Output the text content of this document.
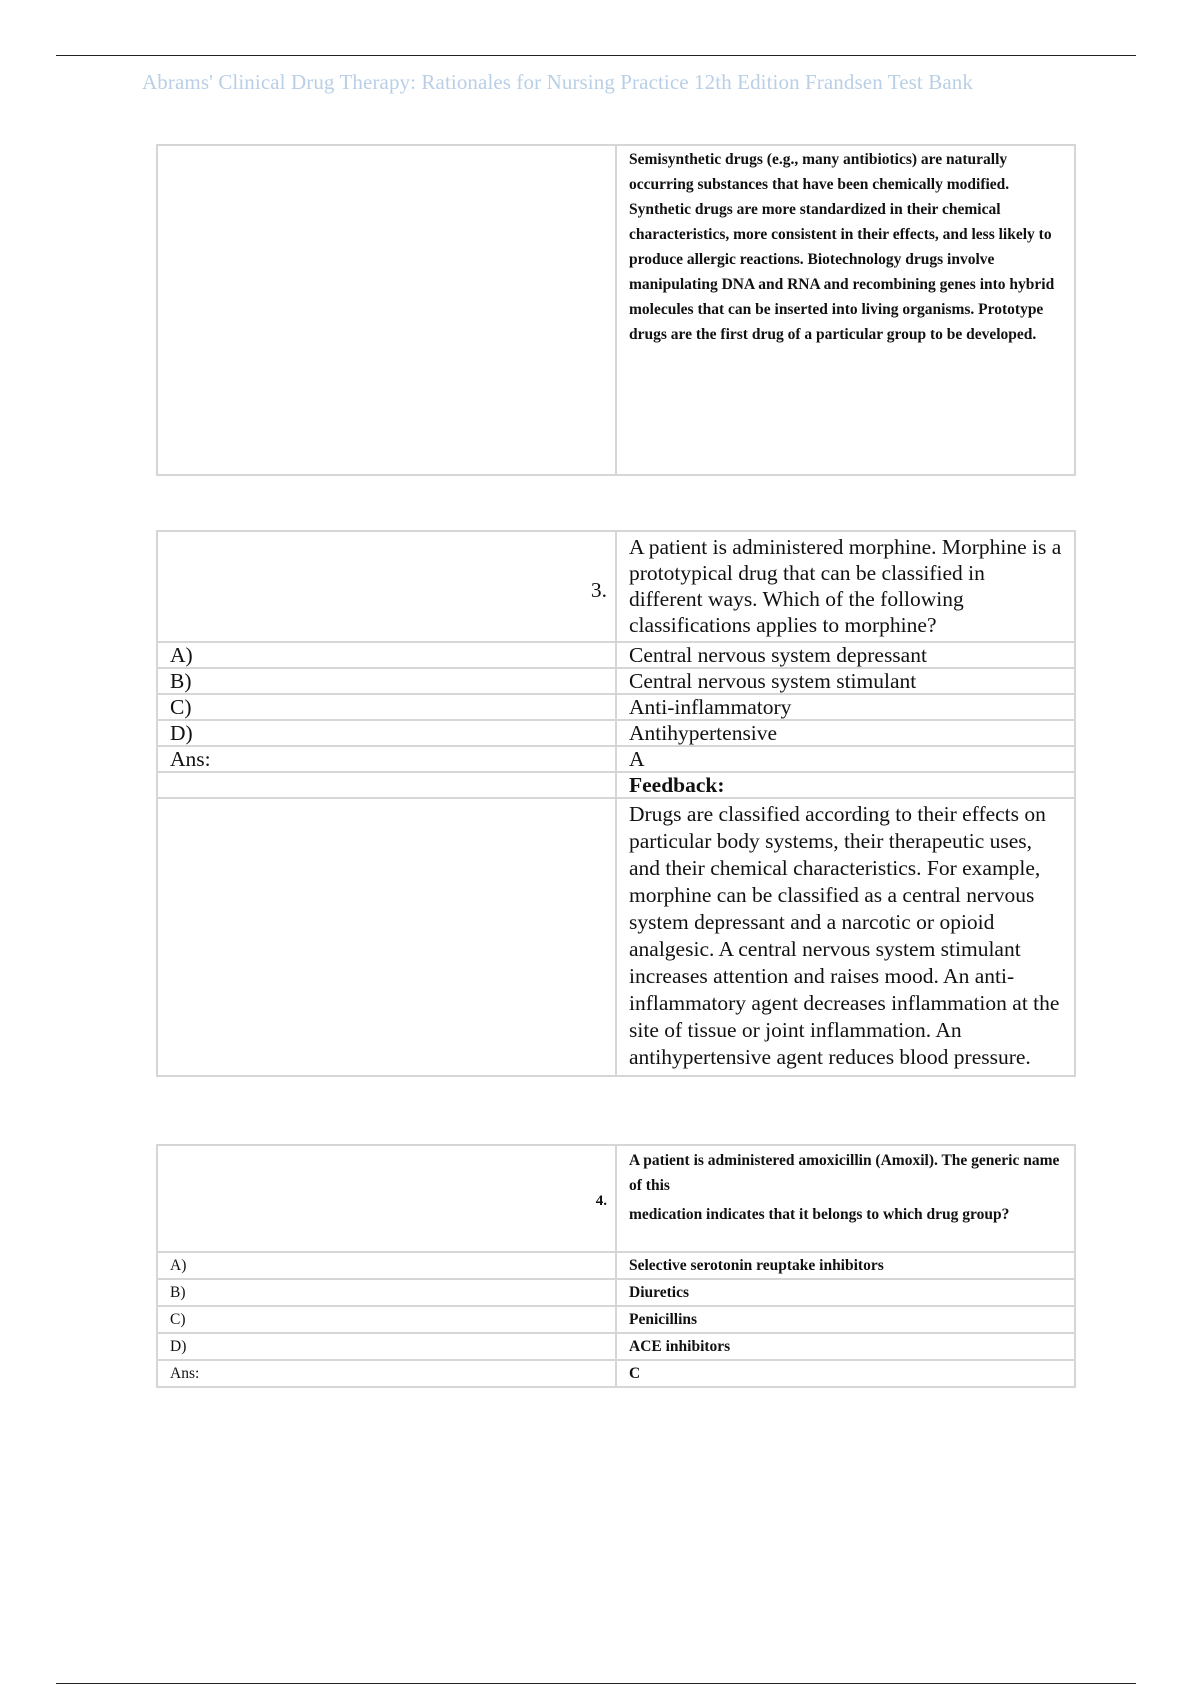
Abrams' Clinical Drug Therapy: Rationales for Nursing Practice 12th Edition Frandsen Test Bank

Semisynthetic drugs (e.g., many antibiotics) are naturally occurring substances that have been chemically modified. Synthetic drugs are more standardized in their chemical characteristics, more consistent in their effects, and less likely to produce allergic reactions. Biotechnology drugs involve manipulating DNA and RNA and recombining genes into hybrid molecules that can be inserted into living organisms. Prototype drugs are the first drug of a particular group to be developed.
3.	A patient is administered morphine. Morphine is a prototypical drug that can be classified in different ways. Which of the following classifications applies to morphine?

A)	Central nervous system depressant

B)	Central nervous system stimulant

C)	Anti-inflammatory

D)	Antihypertensive

Ans:	A

	Feedback:

	Drugs are classified according to their effects on particular body systems, their therapeutic uses, and their chemical characteristics. For example, morphine can be classified as a central nervous system depressant and a narcotic or opioid analgesic. A central nervous system stimulant increases attention and raises mood. An anti-inflammatory agent decreases inflammation at the site of tissue or joint inflammation. An antihypertensive agent reduces blood pressure.
4.	A patient is administered amoxicillin (Amoxil). The generic name of this
medication indicates that it belongs to which drug group?

A)	Selective serotonin reuptake inhibitors

B)	Diuretics

C)	Penicillins

D)	ACE inhibitors

Ans:	C
